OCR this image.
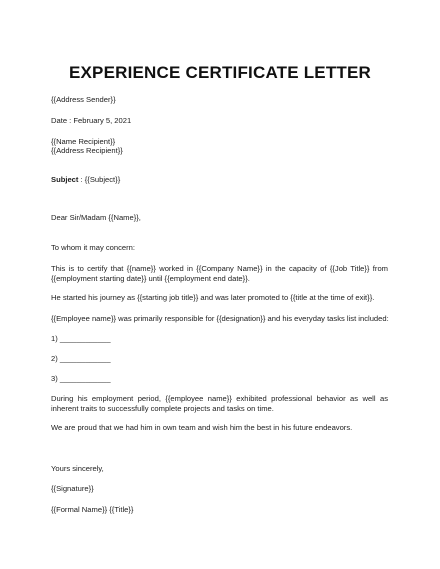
EXPERIENCE CERTIFICATE LETTER
{{Address Sender}}
Date : February 5, 2021
{{Name Recipient}}
{{Address Recipient}}
Subject : {{Subject}}
Dear Sir/Madam {{Name}},
To whom it may concern:
This is to certify that {{name}} worked in {{Company Name}} in the capacity of {{Job Title}} from {{employment starting date}} until {{employment end date}}.
He started his journey as {{starting job title}} and was later promoted to {{title at the time of exit}}.
{{Employee name}} was primarily responsible for {{designation}} and his everyday tasks list included:
1) ____________
2) ____________
3) ____________
During his employment period, {{employee name}} exhibited professional behavior as well as inherent traits to successfully complete projects and tasks on time.
We are proud that we had him in own team and wish him the best in his future endeavors.
Yours sincerely,
{{Signature}}
{{Formal Name}} {{Title}}
